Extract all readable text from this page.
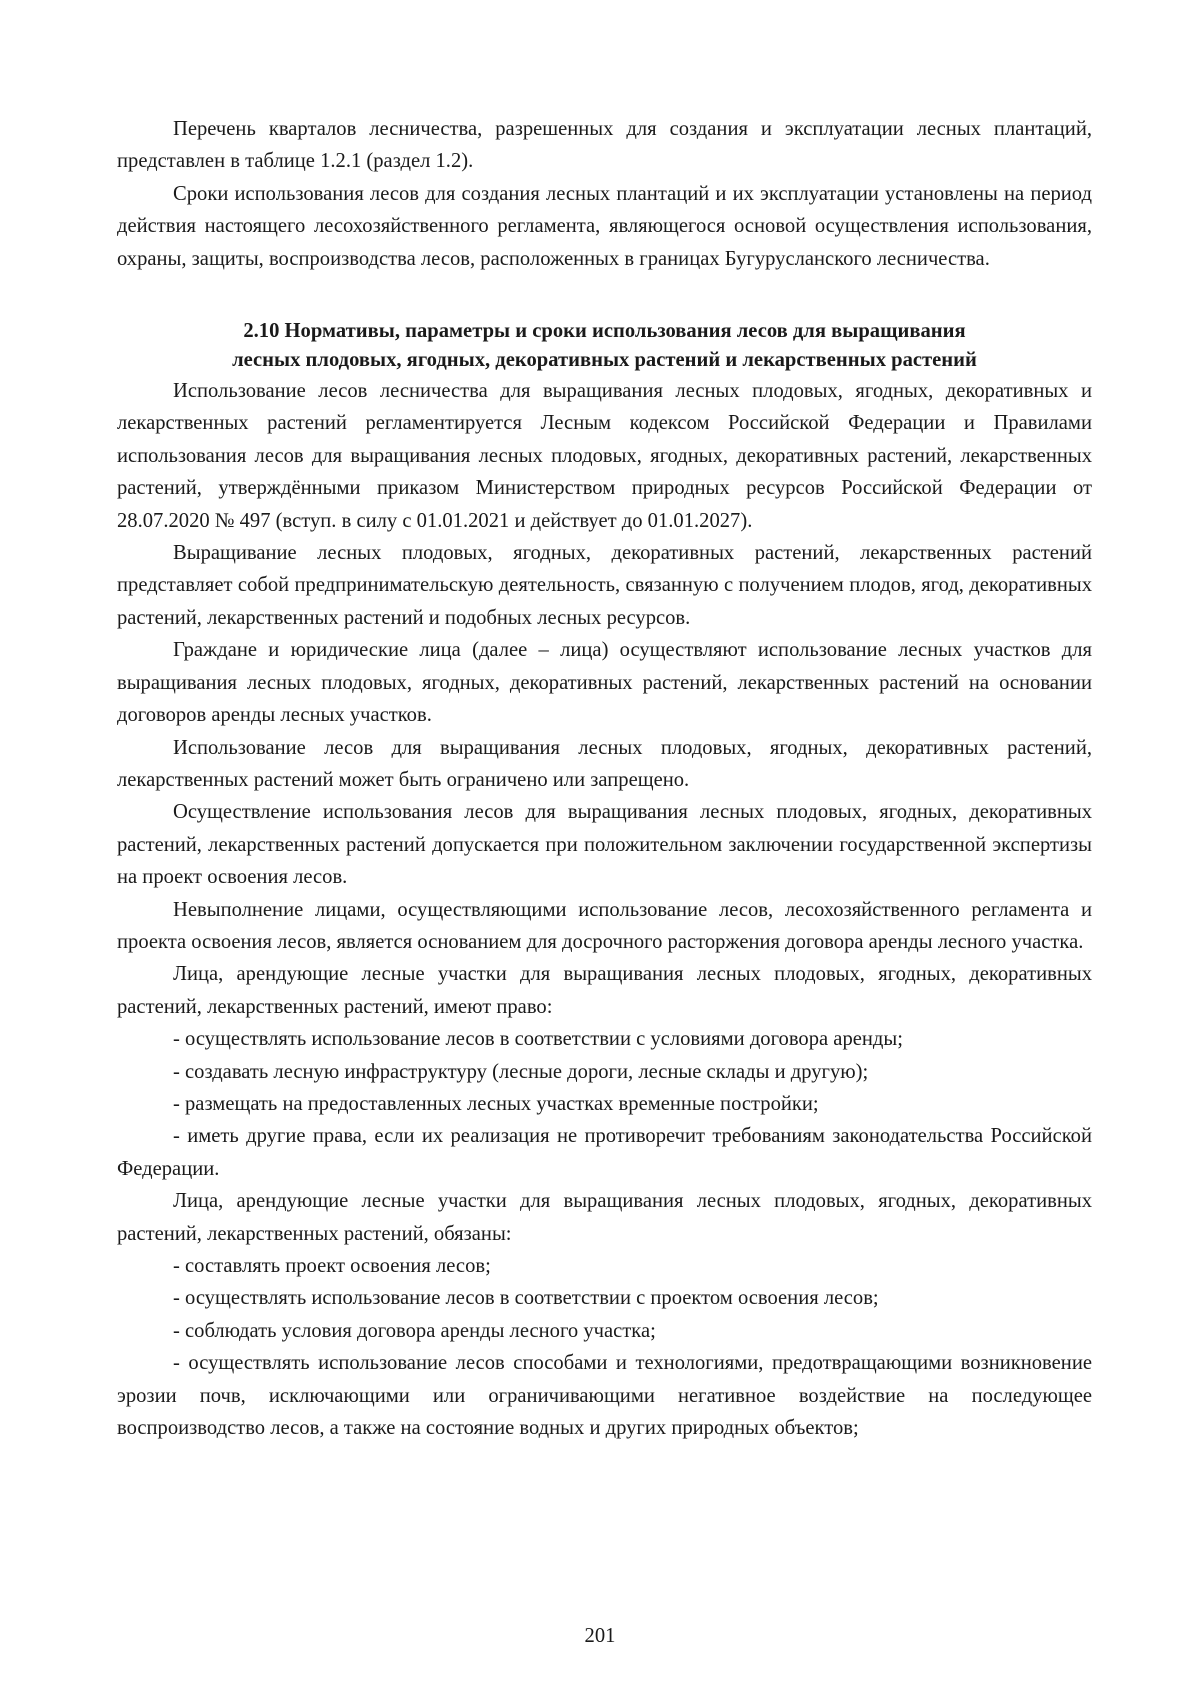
Перечень кварталов лесничества, разрешенных для создания и эксплуатации лесных плантаций, представлен в таблице 1.2.1 (раздел 1.2).

Сроки использования лесов для создания лесных плантаций и их эксплуатации установлены на период действия настоящего лесохозяйственного регламента, являющегося основой осуществления использования, охраны, защиты, воспроизводства лесов, расположенных в границах Бугурусланского лесничества.

2.10 Нормативы, параметры и сроки использования лесов для выращивания
лесных плодовых, ягодных, декоративных растений и лекарственных растений

Использование лесов лесничества для выращивания лесных плодовых, ягодных, декоративных и лекарственных растений регламентируется Лесным кодексом Российской Федерации и Правилами использования лесов для выращивания лесных плодовых, ягодных, декоративных растений, лекарственных растений, утверждёнными приказом Министерством природных ресурсов Российской Федерации от 28.07.2020 № 497 (вступ. в силу с 01.01.2021 и действует до 01.01.2027).

Выращивание лесных плодовых, ягодных, декоративных растений, лекарственных растений представляет собой предпринимательскую деятельность, связанную с получением плодов, ягод, декоративных растений, лекарственных растений и подобных лесных ресурсов.

Граждане и юридические лица (далее – лица) осуществляют использование лесных участков для выращивания лесных плодовых, ягодных, декоративных растений, лекарственных растений на основании договоров аренды лесных участков.

Использование лесов для выращивания лесных плодовых, ягодных, декоративных растений, лекарственных растений может быть ограничено или запрещено.

Осуществление использования лесов для выращивания лесных плодовых, ягодных, декоративных растений, лекарственных растений допускается при положительном заключении государственной экспертизы на проект освоения лесов.

Невыполнение лицами, осуществляющими использование лесов, лесохозяйственного регламента и проекта освоения лесов, является основанием для досрочного расторжения договора аренды лесного участка.

Лица, арендующие лесные участки для выращивания лесных плодовых, ягодных, декоративных растений, лекарственных растений, имеют право:

- осуществлять использование лесов в соответствии с условиями договора аренды;

- создавать лесную инфраструктуру (лесные дороги, лесные склады и другую);

- размещать на предоставленных лесных участках временные постройки;

- иметь другие права, если их реализация не противоречит требованиям законодательства Российской Федерации.

Лица, арендующие лесные участки для выращивания лесных плодовых, ягодных, декоративных растений, лекарственных растений, обязаны:

- составлять проект освоения лесов;

- осуществлять использование лесов в соответствии с проектом освоения лесов;

- соблюдать условия договора аренды лесного участка;

- осуществлять использование лесов способами и технологиями, предотвращающими возникновение эрозии почв, исключающими или ограничивающими негативное воздействие на последующее воспроизводство лесов, а также на состояние водных и других природных объектов;

201
